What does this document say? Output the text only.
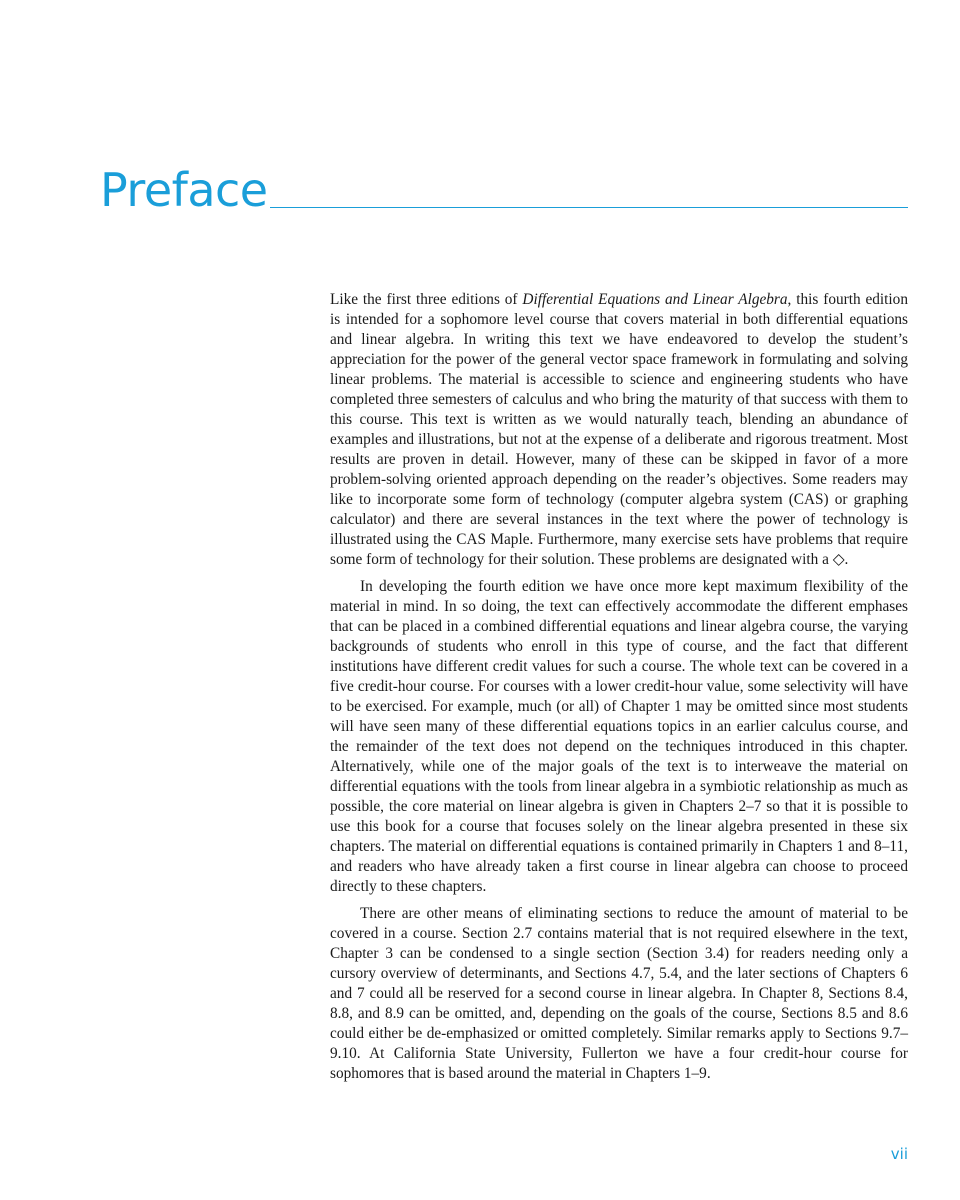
Preface

Like the first three editions of Differential Equations and Linear Algebra, this fourth edition is intended for a sophomore level course that covers material in both differential equations and linear algebra. In writing this text we have endeavored to develop the student’s appreciation for the power of the general vector space framework in formulating and solving linear problems. The material is accessible to science and engineering students who have completed three semesters of calculus and who bring the maturity of that success with them to this course. This text is written as we would naturally teach, blending an abundance of examples and illustrations, but not at the expense of a deliberate and rigorous treatment. Most results are proven in detail. However, many of these can be skipped in favor of a more problem-solving oriented approach depending on the reader’s objectives. Some readers may like to incorporate some form of technology (computer algebra system (CAS) or graphing calculator) and there are several instances in the text where the power of technology is illustrated using the CAS Maple. Furthermore, many exercise sets have problems that require some form of technology for their solution. These problems are designated with a ◇.

In developing the fourth edition we have once more kept maximum flexibility of the material in mind. In so doing, the text can effectively accommodate the different emphases that can be placed in a combined differential equations and linear algebra course, the varying backgrounds of students who enroll in this type of course, and the fact that different institutions have different credit values for such a course. The whole text can be covered in a five credit-hour course. For courses with a lower credit-hour value, some selectivity will have to be exercised. For example, much (or all) of Chapter 1 may be omitted since most students will have seen many of these differential equations topics in an earlier calculus course, and the remainder of the text does not depend on the techniques introduced in this chapter. Alternatively, while one of the major goals of the text is to interweave the material on differential equations with the tools from linear algebra in a symbiotic relationship as much as possible, the core material on linear algebra is given in Chapters 2–7 so that it is possible to use this book for a course that focuses solely on the linear algebra presented in these six chapters. The material on differential equations is contained primarily in Chapters 1 and 8–11, and readers who have already taken a first course in linear algebra can choose to proceed directly to these chapters.

There are other means of eliminating sections to reduce the amount of material to be covered in a course. Section 2.7 contains material that is not required elsewhere in the text, Chapter 3 can be condensed to a single section (Section 3.4) for readers needing only a cursory overview of determinants, and Sections 4.7, 5.4, and the later sections of Chapters 6 and 7 could all be reserved for a second course in linear algebra. In Chapter 8, Sections 8.4, 8.8, and 8.9 can be omitted, and, depending on the goals of the course, Sections 8.5 and 8.6 could either be de-emphasized or omitted completely. Similar remarks apply to Sections 9.7–9.10. At California State University, Fullerton we have a four credit-hour course for sophomores that is based around the material in Chapters 1–9.

vii
